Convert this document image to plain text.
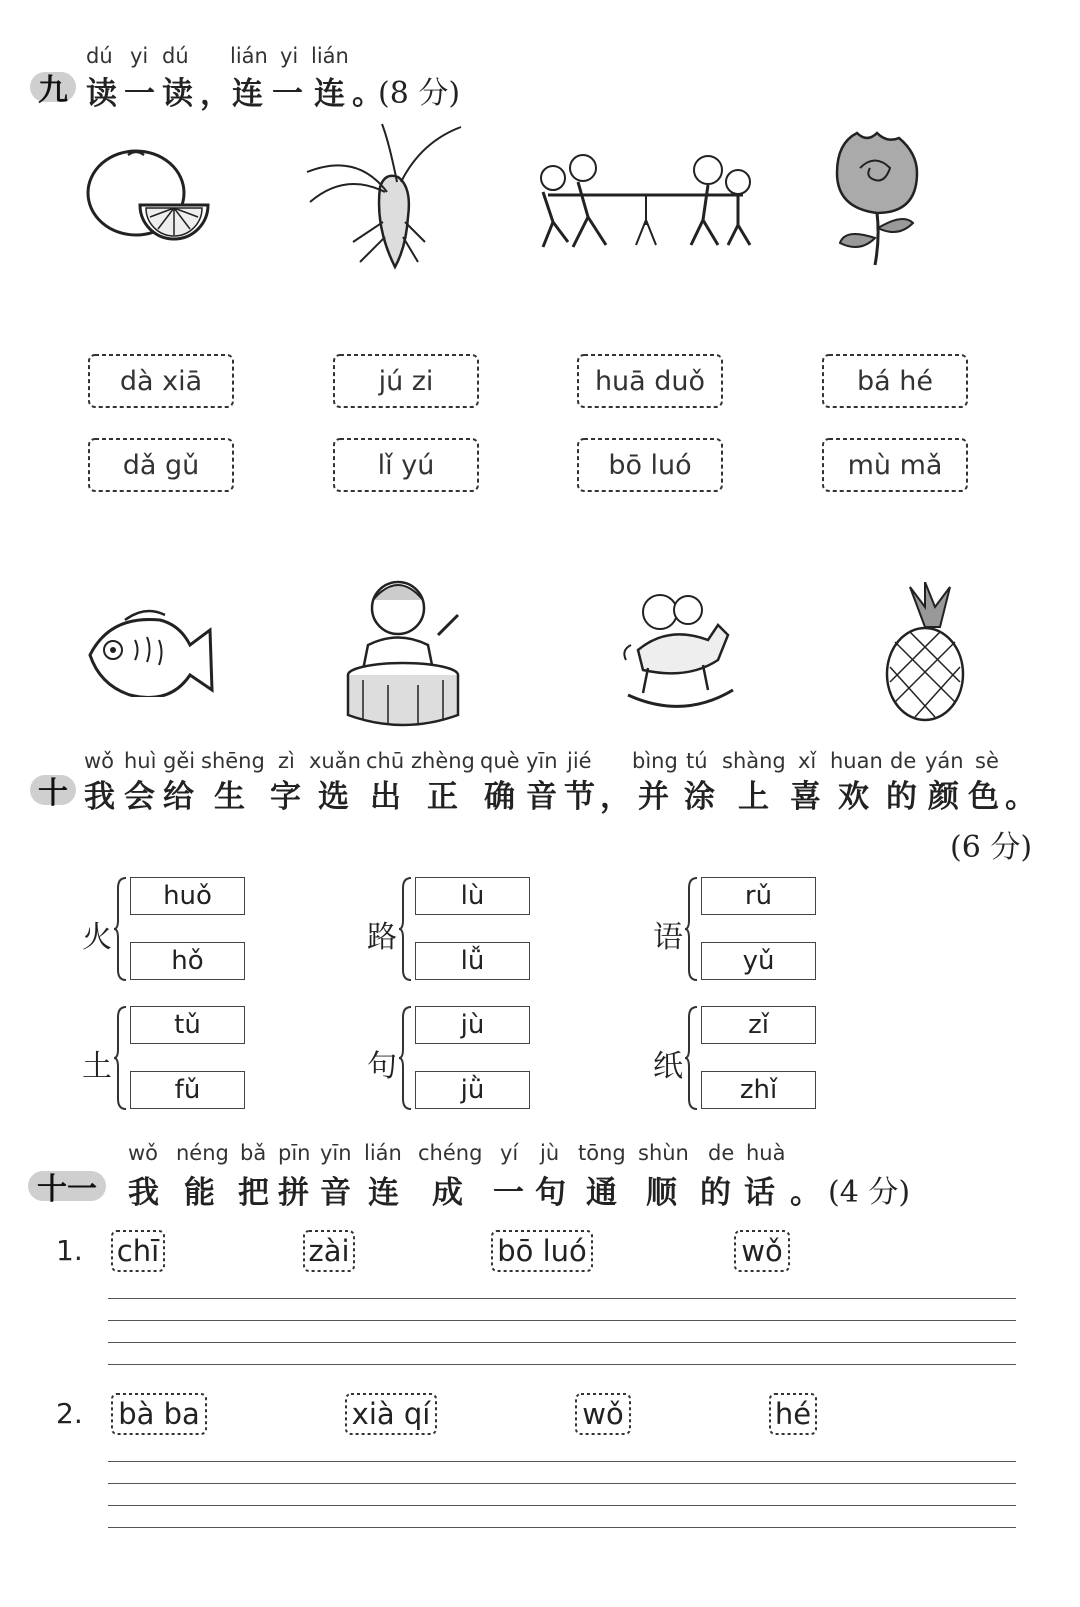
dú yi dú lián yi lián
九 读 一 读 ， 连 一 连 。
(8 分)
dà xiā	jú zi	huā duǒ	bá hé
dǎ gǔ	lǐ yú	bō luó	mù mǎ
wǒ huì gěi shēng zì xuǎn chū zhèng què yīn jié bìng tú shàng xǐ huan de yán sè
十 我 会 给 生 字 选 出 正 确 音 节 ， 并 涂 上 喜 欢 的 颜 色 。
(6 分)
火
huǒ
hǒ
路
lù
lǚ
语
rǔ
yǔ
土
tǔ
fǔ
句
jù
jǜ
纸
zǐ
zhǐ
wǒ néng bǎ pīn yīn lián chéng yí jù tōng shùn de huà
十一 我 能 把 拼 音 连 成 一 句 通 顺 的 话 。 (4 分)
1. chī	zài	bō luó	wǒ
2. bà ba	xià qí	wǒ	hé
